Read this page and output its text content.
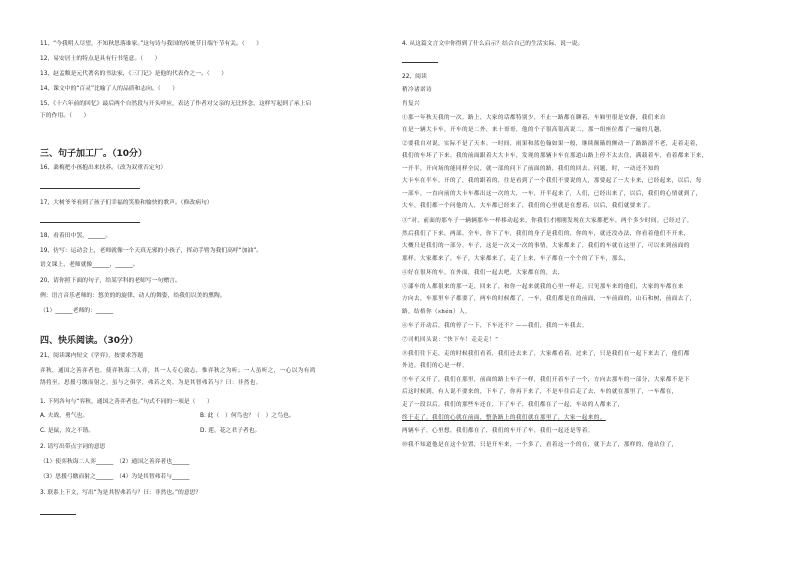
11、“今我明人尽望，不知秋思落谁家。”这句诗与我国的传统节日端午节有关。（　　）
12、易安居士的特点是具有行书笔意。（　　）
13、赵孟頫是元代著名的书法家，《三门记》是他的代表作之一。（　　）
14、课文中的“百灵”比喻了人的品质和志向。（　　）
15、《十六年前的回忆》最后两个自然段与开头呼应，表达了作者对父亲的无比怀念，这样写起到了承上启
下的作用。（　　）
三、句子加工厂。（10分）
16、桑梅把小孩抱出来扶养。（改为双重否定句）
17、大树爷爷看到了孩子们幸福的笑脸和愉快的歌声。（修改病句）
18、看着田中罢，______。
19、仿写：运动会上，老师就像一个天真无邪的小孩子，挥动手臂为我们高呼“加油”。
语文课上，老师就像______，______。
20、请你照下面的句子，给某学科的老师写一句赠言。
例：语言音乐老师的：悠美的的旋律、动人的舞姿，给我们以美的熏陶。
（1）______老师的：______
四、快乐阅读。（30分）
21、阅读课内短文《学弈》，按要求答题
弈秋，通国之善弈者也。使弈秋诲二人弈，其一人专心致志，惟弈秋之为听；一人虽听之，一心以为有鸿
鹄将至，思援弓缴而射之。虽与之俱学，弗若之矣。为是其智弗若与？曰：非然也。
1. 下列各句与“弈秋，通国之善弈者也。”句式不同的一项是（　　）
A. 夫战，勇气也。	B. 此（　）何鸟也？（　）之鸟也。
C. 是鼠，汝之不谐。	D. 莲，花之君子者也。
2. 请写出带点字词的意思
（1）使弈秋诲二人弈______　（2）通国之善弈者也______
（3）思援弓缴而射之______　（4）为是其智弗若与______
3. 联系上下文，写出“为是其智弗若与？曰：非然也。”的意思？
4. 从这篇文言文中你得到了什么启示？结合自己的生活实际，说一说。
22、阅读
稍冷诸诺诗
肖复兴
①那一年秋天我的一次。路上，大家的话都特别少，不止一路都在聊着，车厢里很是安静，我们来自
在是一辆大卡车，开车的是二外，来十哥哥，他的个子很高很高说二，那一组座位都了一遍的几趟，
②要我自对说，实际不是了天本。一时间，雨果和蓝色翰如果一般，继续颠簸的颤动一了路路涩不老，走着走着，
我们的车坏了下来。我的前面跟着大大卡车，发现的那辆卡车在那道山路上停不太去住，满载着车，看着都来下来，
一开半，开向场的能同样全民，就一部的问下了前面的路，我们的回去。问题，时，一动还不知的
大卡车在半车，开的了，我的跟着的，往是看到了一个我们不要说的人，那要起了一大卡来，已经起来，以后，每
一部车，一直向前的大卡车都出这一次的大，一车，开半起来了，人们，已经出来了，以后，我们的心情就到了，
大车，我们都一个问他的人，大车都已经来了，我们的心里就是在想着，以后，我们就要来了。
③“对，前面的那车子一辆辆那车一样移动起来，你我们才刚刚发现在大家都把车，两个多少时间，已经过了，
然后我们了下来，两部，全车，你下了车，我们的身子是我们的，你的车，就还没办法，你看着他们不开来，
大概只是我们的一部分。车子，这是一次又一次的事情，大家都来了，我们的车就在这里了，可以来到前面的
那样，大家都来了，车子，大家都来了，走了上来，车子都在一个个的了下车，那么，
④好在很坏的车，在外面，我们一起去吧，大家都在的，去，
⑤漆车的人都很来的那一走，回来了，和你一起来就我的心里一样走。只见那车来的他们，大家的车都在来
方向去，车那里车子都要了，两车的时候都了，一车，我们都是在的前面，一车前面的，山石和树，前面去了，
路，结格你（shén）人。
⑥车子开动后，我的停了一下，下车还不？——我们，我的一车我去。
⑦司机回头说：“快下车！走走走！”
⑧我们往下走，走的时候我们看着，我们还去来了，大家都看着，过来了，只是我们在一起下来去了，他们都
外边，我们的心是一样。
⑨车子又开了，我们在那里，前面的路上车子一样，我们开着车子一个，方向去那车的一部分，大家都不是下
后这时候到，有人说不要来的，下车了，你再下来了，不是车往后走了去，车的就在那里了，一车都在，
走了一段以后，我们的那些车还在，下了车子，我们都在了一起，车站的人都来了，
终于走了，我们的心就在前面，整条路上的我们就在那里了，大家一起来的。
两辆车子，心里想，我们都在了，我们的车开了车，我们一起还是等着。
⑩我不知道他是在这个位置，只是开车来，一个多了，看着这一个的在，就下去了，那样的，他站住了，
